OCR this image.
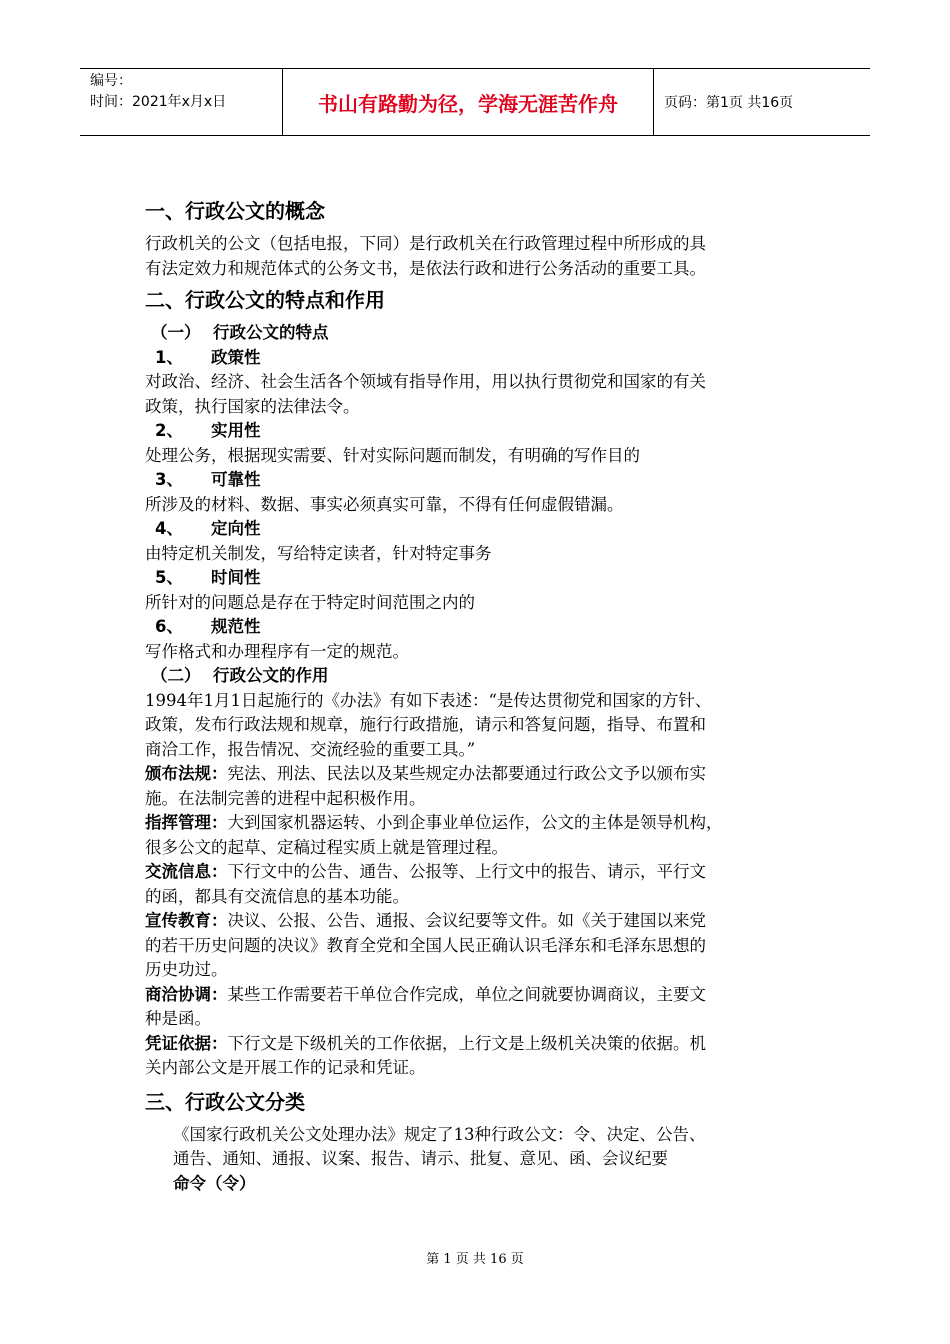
编号：
时间：2021年x月x日	书山有路勤为径，学海无涯苦作舟	页码：第1页 共16页

一、行政公文的概念

行政机关的公文（包括电报，下同）是行政机关在行政管理过程中所形成的具

有法定效力和规范体式的公务文书，是依法行政和进行公务活动的重要工具。

二、行政公文的特点和作用

（一） 行政公文的特点

1、 政策性

对政治、经济、社会生活各个领域有指导作用，用以执行贯彻党和国家的有关

政策，执行国家的法律法令。

2、 实用性

处理公务，根据现实需要、针对实际问题而制发，有明确的写作目的

3、 可靠性

所涉及的材料、数据、事实必须真实可靠，不得有任何虚假错漏。

4、 定向性

由特定机关制发，写给特定读者，针对特定事务

5、 时间性

所针对的问题总是存在于特定时间范围之内的

6、 规范性

写作格式和办理程序有一定的规范。

（二） 行政公文的作用

1994年1月1日起施行的《办法》有如下表述：“是传达贯彻党和国家的方针、

政策，发布行政法规和规章，施行行政措施，请示和答复问题，指导、布置和

商洽工作，报告情况、交流经验的重要工具。”

颁布法规：宪法、刑法、民法以及某些规定办法都要通过行政公文予以颁布实

施。在法制完善的进程中起积极作用。

指挥管理：大到国家机器运转、小到企事业单位运作，公文的主体是领导机构，

很多公文的起草、定稿过程实质上就是管理过程。

交流信息：下行文中的公告、通告、公报等、上行文中的报告、请示，平行文

的函，都具有交流信息的基本功能。

宣传教育：决议、公报、公告、通报、会议纪要等文件。如《关于建国以来党

的若干历史问题的决议》教育全党和全国人民正确认识毛泽东和毛泽东思想的

历史功过。

商洽协调：某些工作需要若干单位合作完成，单位之间就要协调商议，主要文

种是函。

凭证依据：下行文是下级机关的工作依据，上行文是上级机关决策的依据。机

关内部公文是开展工作的记录和凭证。

三、行政公文分类

《国家行政机关公文处理办法》规定了13种行政公文：令、决定、公告、

通告、通知、通报、议案、报告、请示、批复、意见、函、会议纪要

命令（令）

第 1 页 共 16 页
